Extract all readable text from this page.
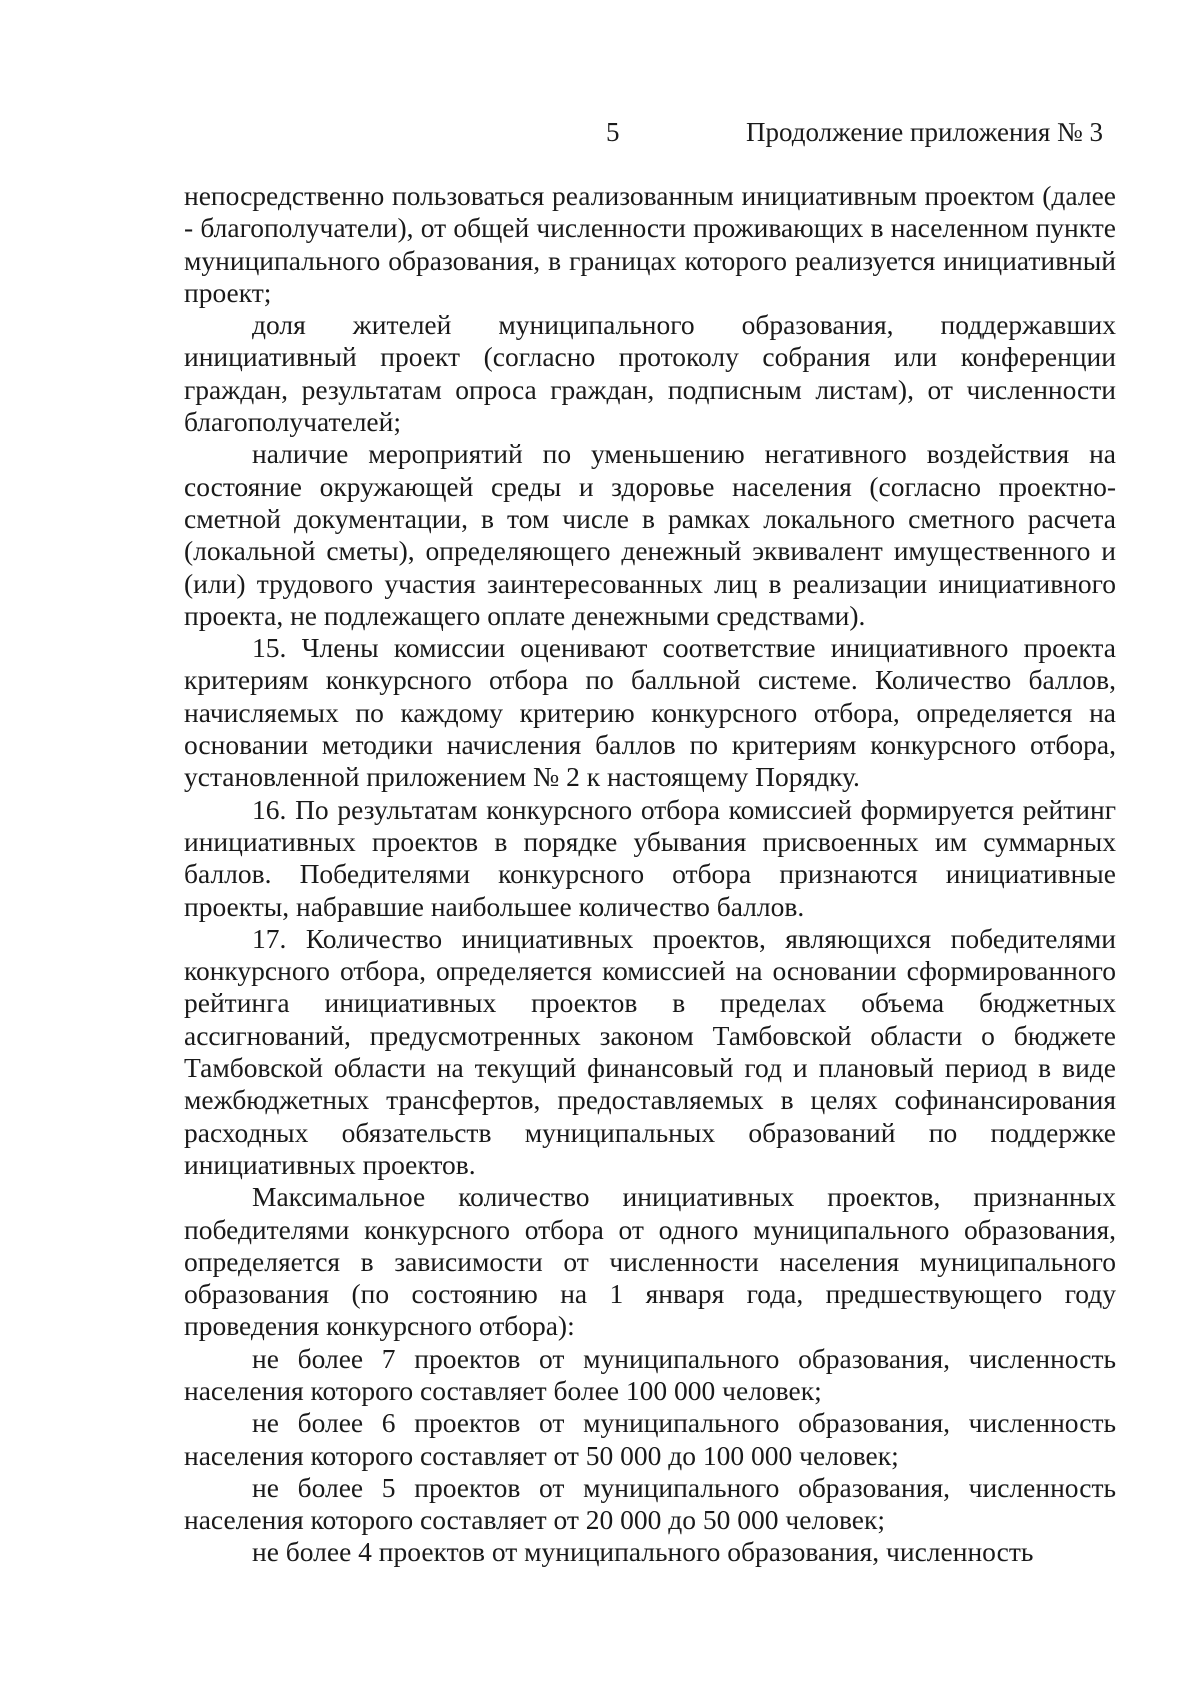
5	Продолжение приложения № 3

непосредственно пользоваться реализованным инициативным проектом (далее - благополучатели), от общей численности проживающих в населенном пункте муниципального образования, в границах которого реализуется инициативный проект;

доля жителей муниципального образования, поддержавших инициативный проект (согласно протоколу собрания или конференции граждан, результатам опроса граждан, подписным листам), от численности благополучателей;

наличие мероприятий по уменьшению негативного воздействия на состояние окружающей среды и здоровье населения (согласно проектно-сметной документации, в том числе в рамках локального сметного расчета (локальной сметы), определяющего денежный эквивалент имущественного и (или) трудового участия заинтересованных лиц в реализации инициативного проекта, не подлежащего оплате денежными средствами).

15. Члены комиссии оценивают соответствие инициативного проекта критериям конкурсного отбора по балльной системе. Количество баллов, начисляемых по каждому критерию конкурсного отбора, определяется на основании методики начисления баллов по критериям конкурсного отбора, установленной приложением № 2 к настоящему Порядку.

16. По результатам конкурсного отбора комиссией формируется рейтинг инициативных проектов в порядке убывания присвоенных им суммарных баллов. Победителями конкурсного отбора признаются инициативные проекты, набравшие наибольшее количество баллов.

17. Количество инициативных проектов, являющихся победителями конкурсного отбора, определяется комиссией на основании сформированного рейтинга инициативных проектов в пределах объема бюджетных ассигнований, предусмотренных законом Тамбовской области о бюджете Тамбовской области на текущий финансовый год и плановый период в виде межбюджетных трансфертов, предоставляемых в целях софинансирования расходных обязательств муниципальных образований по поддержке инициативных проектов.

Максимальное количество инициативных проектов, признанных победителями конкурсного отбора от одного муниципального образования, определяется в зависимости от численности населения муниципального образования (по состоянию на 1 января года, предшествующего году проведения конкурсного отбора):

не более 7 проектов от муниципального образования, численность населения которого составляет более 100 000 человек;

не более 6 проектов от муниципального образования, численность населения которого составляет от 50 000 до 100 000 человек;

не более 5 проектов от муниципального образования, численность населения которого составляет от 20 000 до 50 000 человек;

не более 4 проектов от муниципального образования, численность
